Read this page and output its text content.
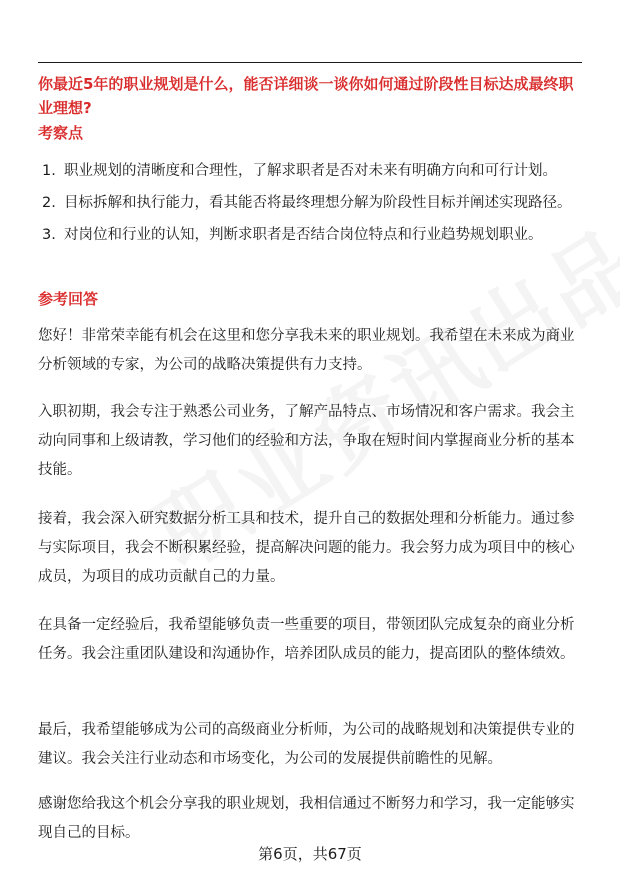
你最近5年的职业规划是什么，能否详细谈一谈你如何通过阶段性目标达成最终职业理想?
考察点
1. 职业规划的清晰度和合理性，了解求职者是否对未来有明确方向和可行计划。
2. 目标拆解和执行能力，看其能否将最终理想分解为阶段性目标并阐述实现路径。
3. 对岗位和行业的认知，判断求职者是否结合岗位特点和行业趋势规划职业。
参考回答

您好！非常荣幸能有机会在这里和您分享我未来的职业规划。我希望在未来成为商业分析领域的专家，为公司的战略决策提供有力支持。

入职初期，我会专注于熟悉公司业务，了解产品特点、市场情况和客户需求。我会主动向同事和上级请教，学习他们的经验和方法，争取在短时间内掌握商业分析的基本技能。

接着，我会深入研究数据分析工具和技术，提升自己的数据处理和分析能力。通过参与实际项目，我会不断积累经验，提高解决问题的能力。我会努力成为项目中的核心成员，为项目的成功贡献自己的力量。

在具备一定经验后，我希望能够负责一些重要的项目，带领团队完成复杂的商业分析任务。我会注重团队建设和沟通协作，培养团队成员的能力，提高团队的整体绩效。

最后，我希望能够成为公司的高级商业分析师，为公司的战略规划和决策提供专业的建议。我会关注行业动态和市场变化，为公司的发展提供前瞻性的见解。

感谢您给我这个机会分享我的职业规划，我相信通过不断努力和学习，我一定能够实现自己的目标。

第6页，共67页
